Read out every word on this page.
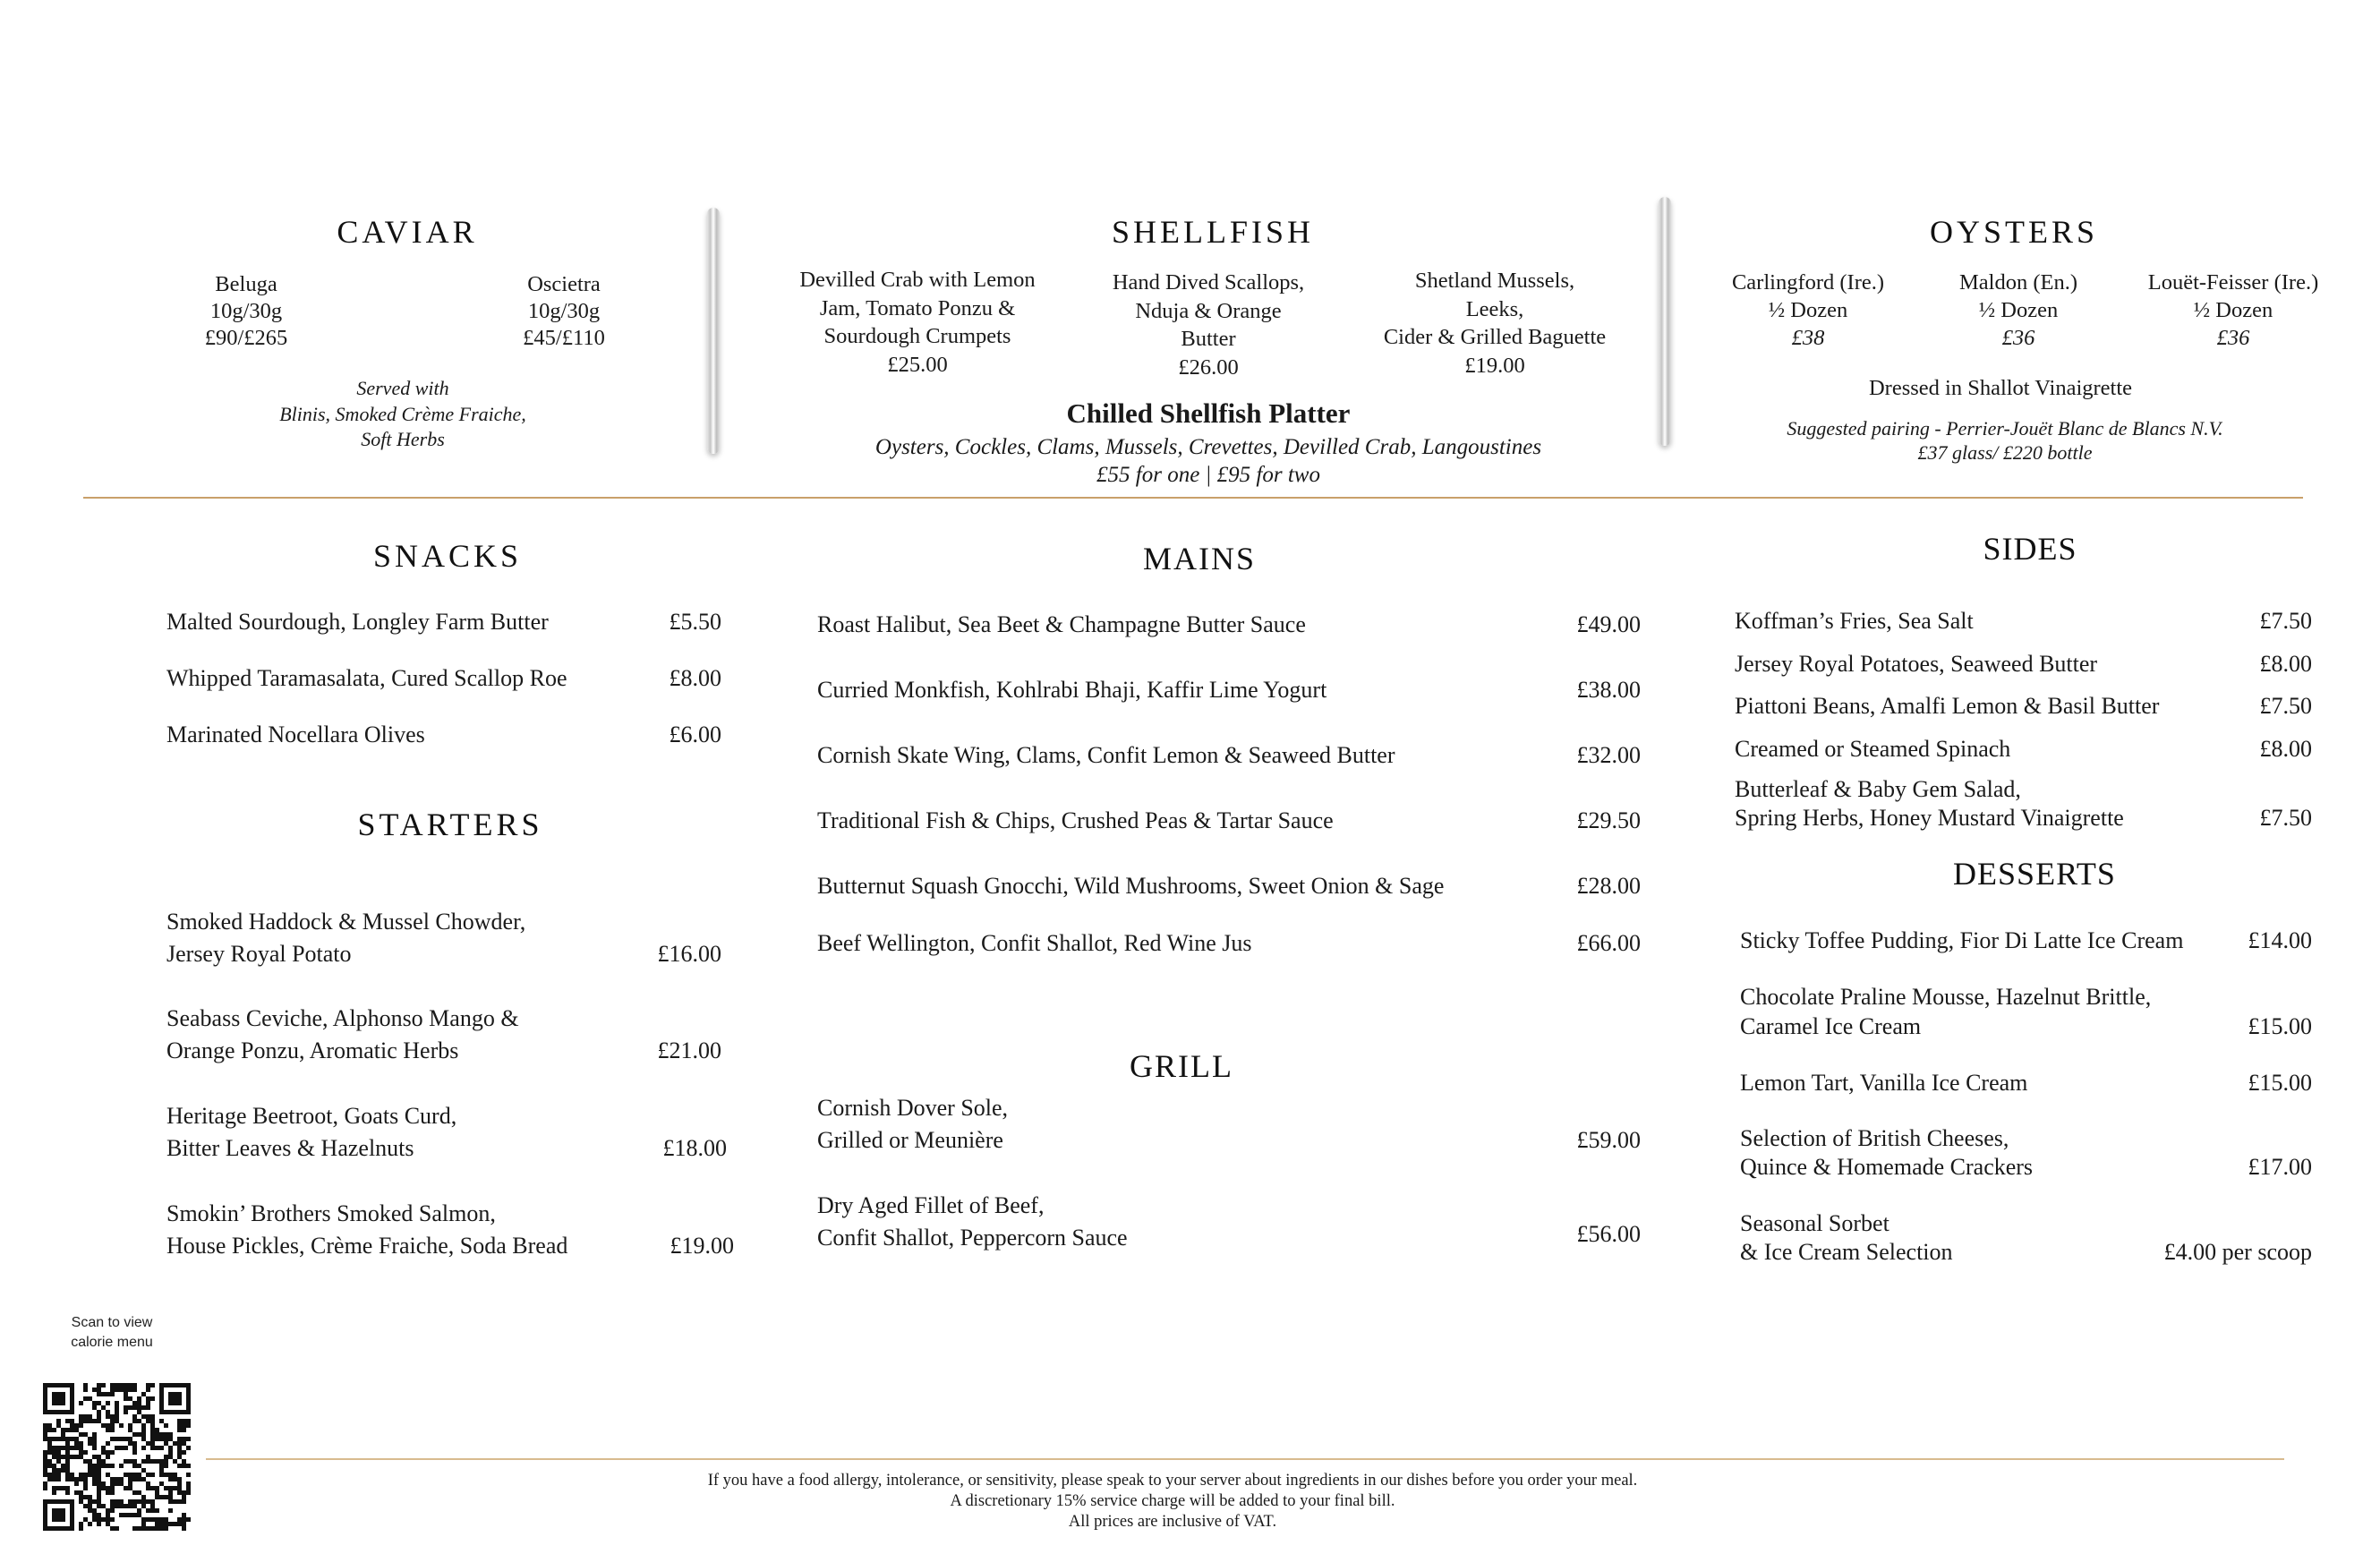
CAVIAR
Beluga
10g/30g
£90/£265
Oscietra
10g/30g
£45/£110
Served with
Blinis, Smoked Crème Fraiche,
Soft Herbs
SHELLFISH
Devilled Crab with Lemon
Jam, Tomato Ponzu &
Sourdough Crumpets
£25.00
Hand Dived Scallops,
Nduja & Orange
Butter
£26.00
Shetland Mussels,
Leeks,
Cider & Grilled Baguette
£19.00
Chilled Shellfish Platter
Oysters, Cockles, Clams, Mussels, Crevettes, Devilled Crab, Langoustines
£55 for one | £95 for two
OYSTERS
Carlingford (Ire.)
½ Dozen
£38
Maldon (En.)
½ Dozen
£36
Louët-Feisser (Ire.)
½ Dozen
£36
Dressed in Shallot Vinaigrette
Suggested pairing - Perrier-Jouët Blanc de Blancs N.V.
£37 glass/ £220 bottle
SNACKS
Malted Sourdough, Longley Farm Butter	£5.50
Whipped Taramasalata, Cured Scallop Roe	£8.00
Marinated Nocellara Olives	£6.00
STARTERS
Smoked Haddock & Mussel Chowder,
Jersey Royal Potato	£16.00
Seabass Ceviche, Alphonso Mango &
Orange Ponzu, Aromatic Herbs	£21.00
Heritage Beetroot, Goats Curd,
Bitter Leaves & Hazelnuts	£18.00
Smokin’ Brothers Smoked Salmon,
House Pickles, Crème Fraiche, Soda Bread	£19.00
MAINS
Roast Halibut, Sea Beet & Champagne Butter Sauce	£49.00
Curried Monkfish, Kohlrabi Bhaji, Kaffir Lime Yogurt	£38.00
Cornish Skate Wing, Clams, Confit Lemon & Seaweed Butter	£32.00
Traditional Fish & Chips, Crushed Peas & Tartar Sauce	£29.50
Butternut Squash Gnocchi, Wild Mushrooms, Sweet Onion & Sage	£28.00
Beef Wellington, Confit Shallot, Red Wine Jus	£66.00
GRILL
Cornish Dover Sole,
Grilled or Meunière	£59.00
Dry Aged Fillet of Beef,
Confit Shallot, Peppercorn Sauce	£56.00
SIDES
Koffman’s Fries, Sea Salt	£7.50
Jersey Royal Potatoes, Seaweed Butter	£8.00
Piattoni Beans, Amalfi Lemon & Basil Butter	£7.50
Creamed or Steamed Spinach	£8.00
Butterleaf & Baby Gem Salad,
Spring Herbs, Honey Mustard Vinaigrette	£7.50
DESSERTS
Sticky Toffee Pudding, Fior Di Latte Ice Cream	£14.00
Chocolate Praline Mousse, Hazelnut Brittle,
Caramel Ice Cream	£15.00
Lemon Tart, Vanilla Ice Cream	£15.00
Selection of British Cheeses,
Quince & Homemade Crackers	£17.00
Seasonal Sorbet
& Ice Cream Selection	£4.00 per scoop
Scan to view
calorie menu
If you have a food allergy, intolerance, or sensitivity, please speak to your server about ingredients in our dishes before you order your meal.
A discretionary 15% service charge will be added to your final bill.
All prices are inclusive of VAT.
